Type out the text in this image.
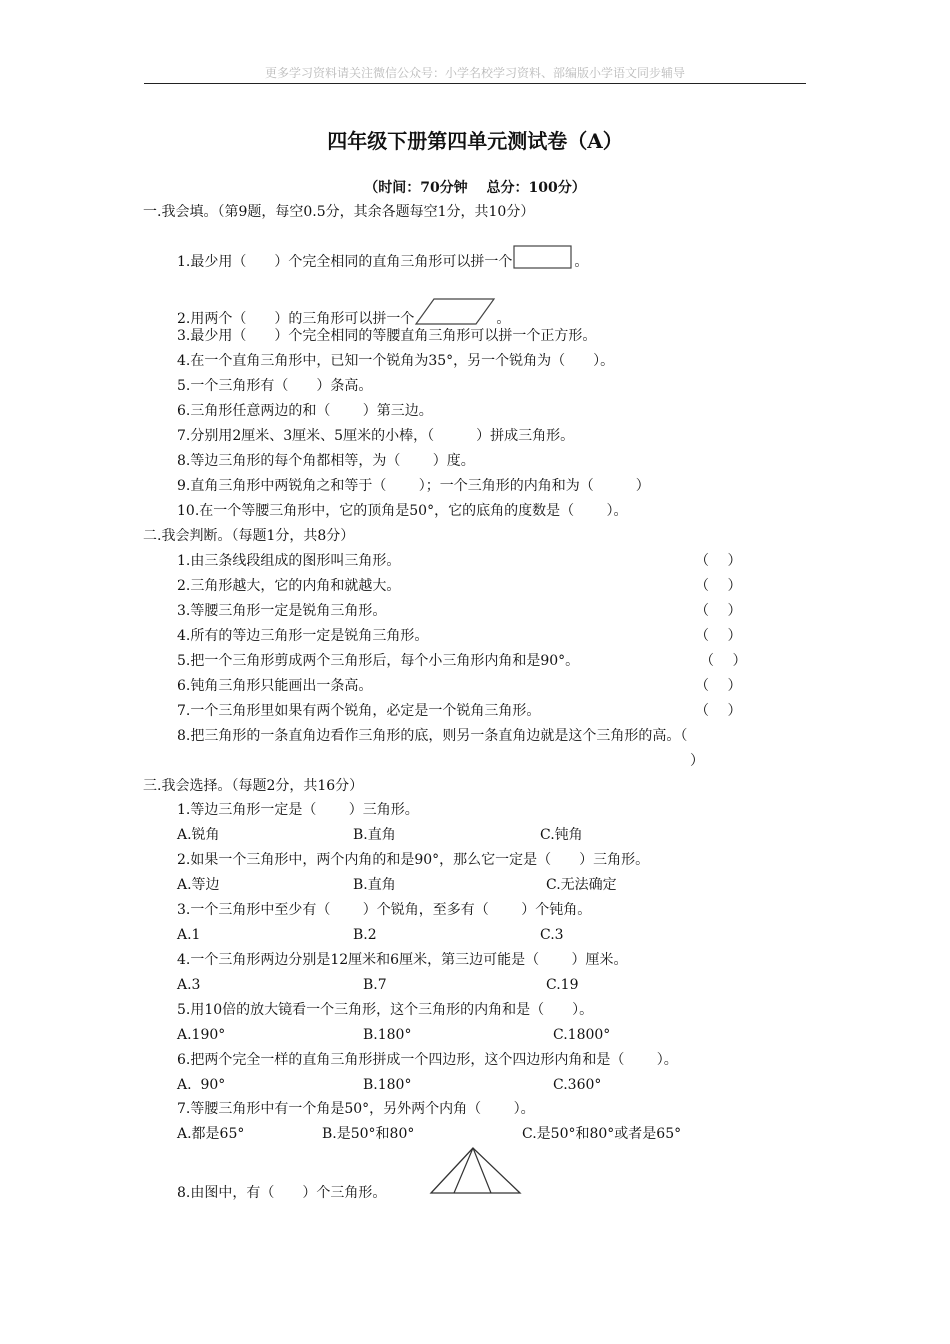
更多学习资料请关注微信公众号：小学名校学习资料、部编版小学语文同步辅导
四年级下册第四单元测试卷（A）
（时间：70分钟　 总分：100分）
一.我会填。（第9题，每空0.5分，其余各题每空1分，共10分）
1.最少用（　　）个完全相同的直角三角形可以拼一个	。
2.用两个（　　）的三角形可以拼一个	。
3.最少用（　　）个完全相同的等腰直角三角形可以拼一个正方形。
4.在一个直角三角形中，已知一个锐角为35°，另一个锐角为（　　）。
5.一个三角形有（　　）条高。
6.三角形任意两边的和（　　 ）第三边。
7.分别用2厘米、3厘米、5厘米的小棒，（　　　）拼成三角形。
8.等边三角形的每个角都相等，为（　　 ）度。
9.直角三角形中两锐角之和等于（　　 ）；一个三角形的内角和为（　　　）
10.在一个等腰三角形中，它的顶角是50°，它的底角的度数是（　　 ）。
二.我会判断。（每题1分，共8分）
1.由三条线段组成的图形叫三角形。	（　 ）
2.三角形越大，它的内角和就越大。	（　 ）
3.等腰三角形一定是锐角三角形。	（　 ）
4.所有的等边三角形一定是锐角三角形。	（　 ）
5.把一个三角形剪成两个三角形后，每个小三角形内角和是90°。	（　 ）
6.钝角三角形只能画出一条高。	（　 ）
7.一个三角形里如果有两个锐角，必定是一个锐角三角形。	（　 ）
8.把三角形的一条直角边看作三角形的底，则另一条直角边就是这个三角形的高。（
）
三.我会选择。（每题2分，共16分）
1.等边三角形一定是（　　 ）三角形。
A.锐角	B.直角	C.钝角
2.如果一个三角形中，两个内角的和是90°，那么它一定是（　　）三角形。
A.等边	B.直角	C.无法确定
3.一个三角形中至少有（　　 ）个锐角，至多有（　　 ）个钝角。
A.1	B.2	C.3
4.一个三角形两边分别是12厘米和6厘米，第三边可能是（　　 ）厘米。
A.3	B.7	C.19
5.用10倍的放大镜看一个三角形，这个三角形的内角和是（　　）。
A.190°	B.180°	C.1800°
6.把两个完全一样的直角三角形拼成一个四边形，这个四边形内角和是（　　 ）。
A.  90°	B.180°	C.360°
7.等腰三角形中有一个角是50°，另外两个内角（　　 ）。
A.都是65°	B.是50°和80°	C.是50°和80°或者是65°
8.由图中，有（　　）个三角形。
